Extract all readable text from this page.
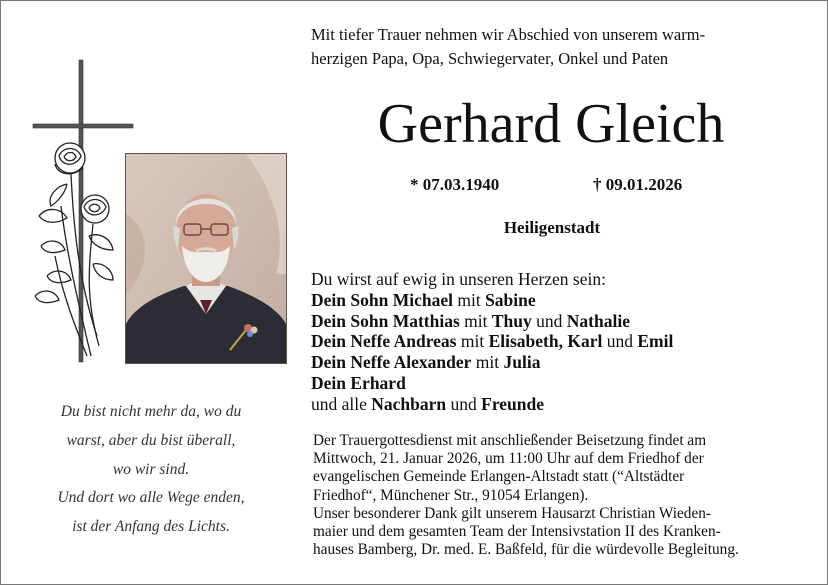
Mit tiefer Trauer nehmen wir Abschied von unserem warm-
herzigen Papa, Opa, Schwiegervater, Onkel und Paten
Gerhard Gleich
* 07.03.1940	† 09.01.2026
Heiligenstadt
Du wirst auf ewig in unseren Herzen sein:
Dein Sohn Michael mit Sabine
Dein Sohn Matthias mit Thuy und Nathalie
Dein Neffe Andreas mit Elisabeth, Karl und Emil
Dein Neffe Alexander mit Julia
Dein Erhard
und alle Nachbarn und Freunde
Der Trauergottesdienst mit anschließender Beisetzung findet am
Mittwoch, 21. Januar 2026, um 11:00 Uhr auf dem Friedhof der
evangelischen Gemeinde Erlangen-Altstadt statt (“Altstädter
Friedhof“, Münchener Str., 91054 Erlangen).
Unser besonderer Dank gilt unserem Hausarzt Christian Wieden-
maier und dem gesamten Team der Intensivstation II des Kranken-
hauses Bamberg, Dr. med. E. Baßfeld, für die würdevolle Begleitung.
Du bist nicht mehr da, wo du
warst, aber du bist überall,
wo wir sind.
Und dort wo alle Wege enden,
ist der Anfang des Lichts.
